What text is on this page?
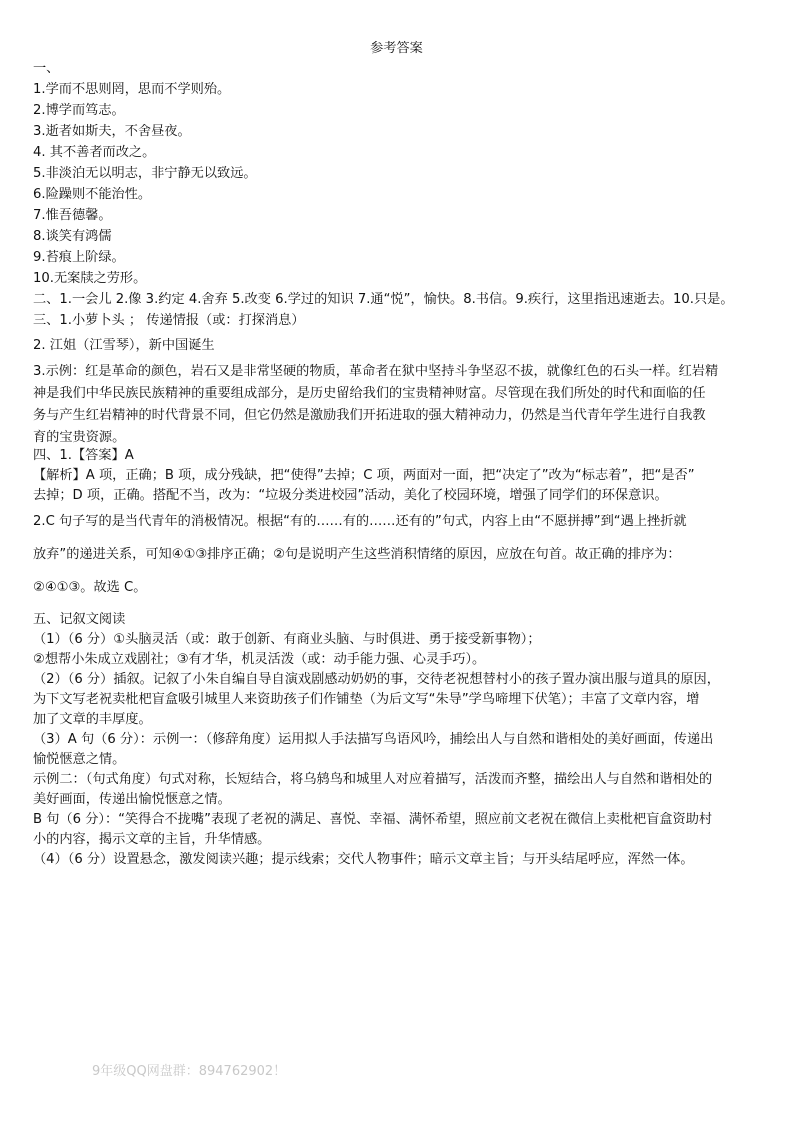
参考答案
一、
1.学而不思则罔，思而不学则殆。
2.博学而笃志。
3.逝者如斯夫，不舍昼夜。
4. 其不善者而改之。
5.非淡泊无以明志，非宁静无以致远。
6.险躁则不能治性。
7.惟吾德馨。
8.谈笑有鸿儒
9.苔痕上阶绿。
10.无案牍之劳形。
二、1.一会儿 2.像 3.约定 4.舍弃 5.改变 6.学过的知识 7.通“悦”，愉快。8.书信。9.疾行，这里指迅速逝去。10.只是。
三、1.小萝卜头 ； 传递情报（或：打探消息）
2. 江姐（江雪琴），新中国诞生
3.示例：红是革命的颜色，岩石又是非常坚硬的物质，革命者在狱中坚持斗争坚忍不拔，就像红色的石头一样。红岩精
神是我们中华民族民族精神的重要组成部分，是历史留给我们的宝贵精神财富。尽管现在我们所处的时代和面临的任
务与产生红岩精神的时代背景不同，但它仍然是激励我们开拓进取的强大精神动力，仍然是当代青年学生进行自我教
育的宝贵资源。
四、1.【答案】A
【解析】A 项，正确；B 项，成分残缺，把“使得”去掉；C 项，两面对一面，把“决定了”改为“标志着”，把“是否”
去掉；D 项，正确。搭配不当，改为：“垃圾分类进校园”活动，美化了校园环境，增强了同学们的环保意识。
2.C 句子写的是当代青年的消极情况。根据“有的……有的……还有的”句式，内容上由“不愿拼搏”到“遇上挫折就
放弃”的递进关系，可知④①③排序正确；②句是说明产生这些消积情绪的原因，应放在句首。故正确的排序为：
②④①③。故选 C。
五、记叙文阅读
（1）（6 分）①头脑灵活（或：敢于创新、有商业头脑、与时俱进、勇于接受新事物）；
②想帮小朱成立戏剧社；③有才华，机灵活泼（或：动手能力强、心灵手巧）。
（2）（6 分）插叙。记叙了小朱自编自导自演戏剧感动奶奶的事，交待老祝想替村小的孩子置办演出服与道具的原因，
为下文写老祝卖枇杷盲盒吸引城里人来资助孩子们作铺垫（为后文写“朱导”学鸟啼埋下伏笔）；丰富了文章内容，增
加了文章的丰厚度。
（3）A 句（6 分）：示例一：（修辞角度）运用拟人手法描写鸟语风吟，捕绘出人与自然和谐相处的美好画面，传递出
愉悦惬意之情。
示例二：（句式角度）句式对称，长短结合，将乌鸫鸟和城里人对应着描写，活泼而齐整，描绘出人与自然和谐相处的
美好画面，传递出愉悦惬意之情。
B 句（6 分）：“笑得合不拢嘴”表现了老祝的满足、喜悦、幸福、满怀希望，照应前文老祝在微信上卖枇杷盲盒资助村
小的内容，揭示文章的主旨，升华情感。
（4）（6 分）设置悬念，激发阅读兴趣；提示线索；交代人物事件；暗示文章主旨；与开头结尾呼应，浑然一体。
9年级QQ网盘群：894762902！
